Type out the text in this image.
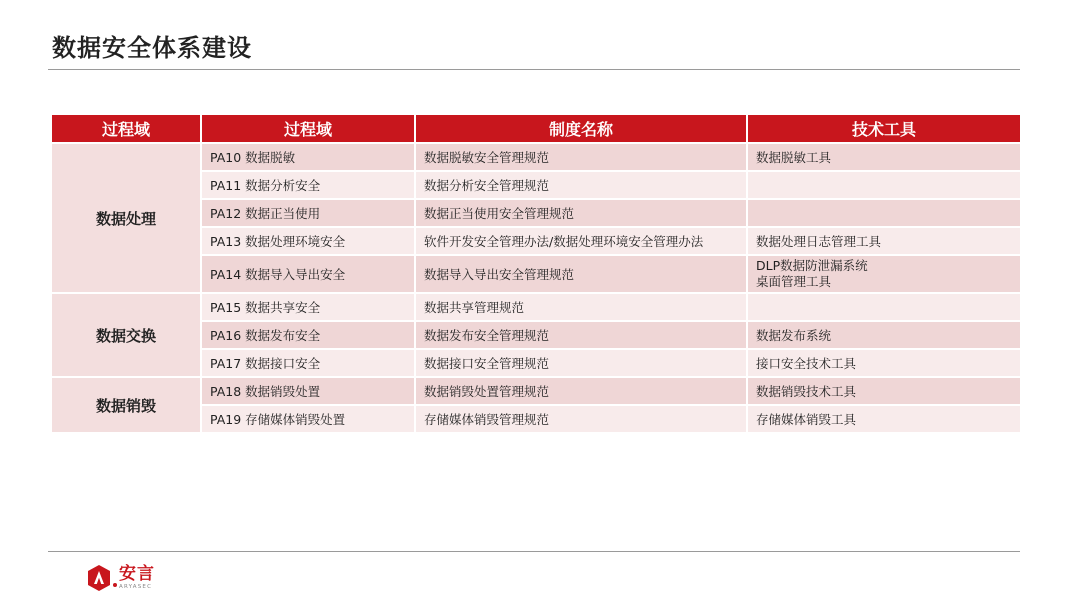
数据安全体系建设
过程域	过程域	制度名称	技术工具
数据处理	PA10 数据脱敏	数据脱敏安全管理规范	数据脱敏工具
	PA11 数据分析安全	数据分析安全管理规范	
	PA12 数据正当使用	数据正当使用安全管理规范	
	PA13 数据处理环境安全	软件开发安全管理办法/数据处理环境安全管理办法	数据处理日志管理工具
	PA14 数据导入导出安全	数据导入导出安全管理规范	DLP数据防泄漏系统
桌面管理工具

数据交换	PA15 数据共享安全	数据共享管理规范	
	PA16 数据发布安全	数据发布安全管理规范	数据发布系统
	PA17 数据接口安全	数据接口安全管理规范	接口安全技术工具
数据销毁	PA18 数据销毁处置	数据销毁处置管理规范	数据销毁技术工具
	PA19 存储媒体销毁处置	存储媒体销毁管理规范	存储媒体销毁工具
安言
ARYASEC
